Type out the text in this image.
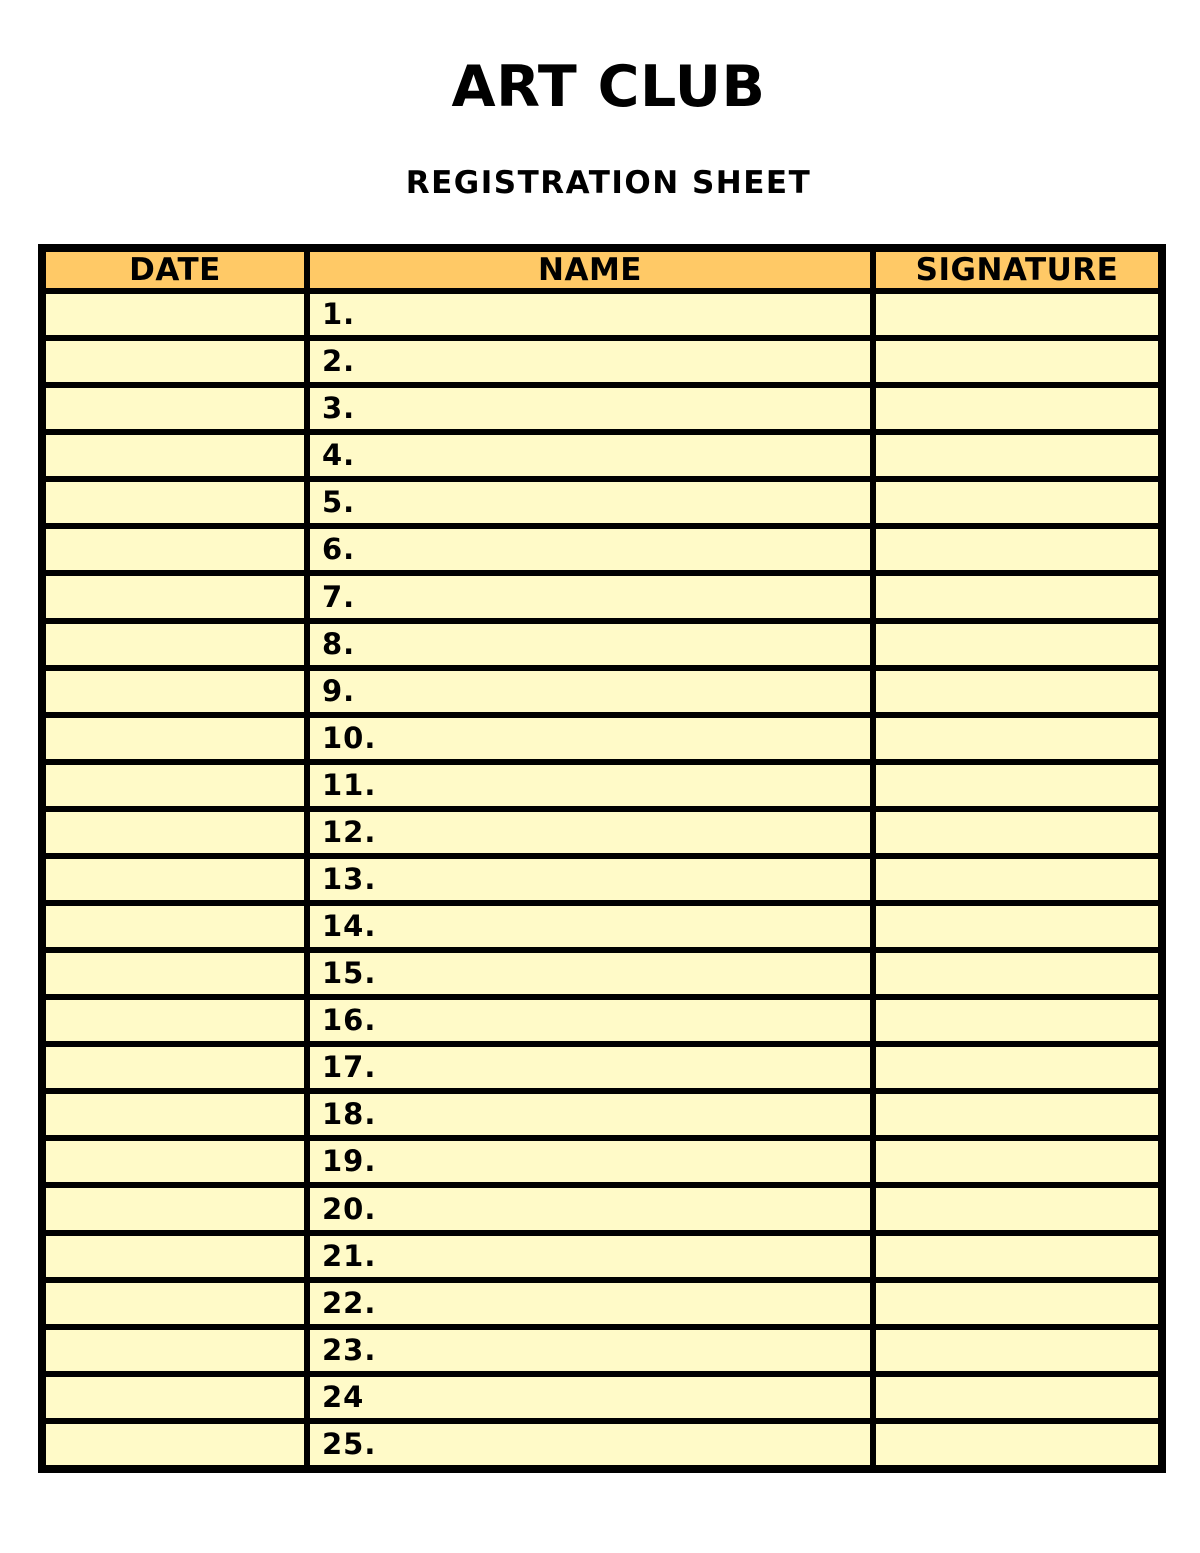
ART CLUB
REGISTRATION SHEET
DATE	NAME	SIGNATURE
	1.	
	2.	
	3.	
	4.	
	5.	
	6.	
	7.	
	8.	
	9.	
	10.	
	11.	
	12.	
	13.	
	14.	
	15.	
	16.	
	17.	
	18.	
	19.	
	20.	
	21.	
	22.	
	23.	
	24	
	25.	
